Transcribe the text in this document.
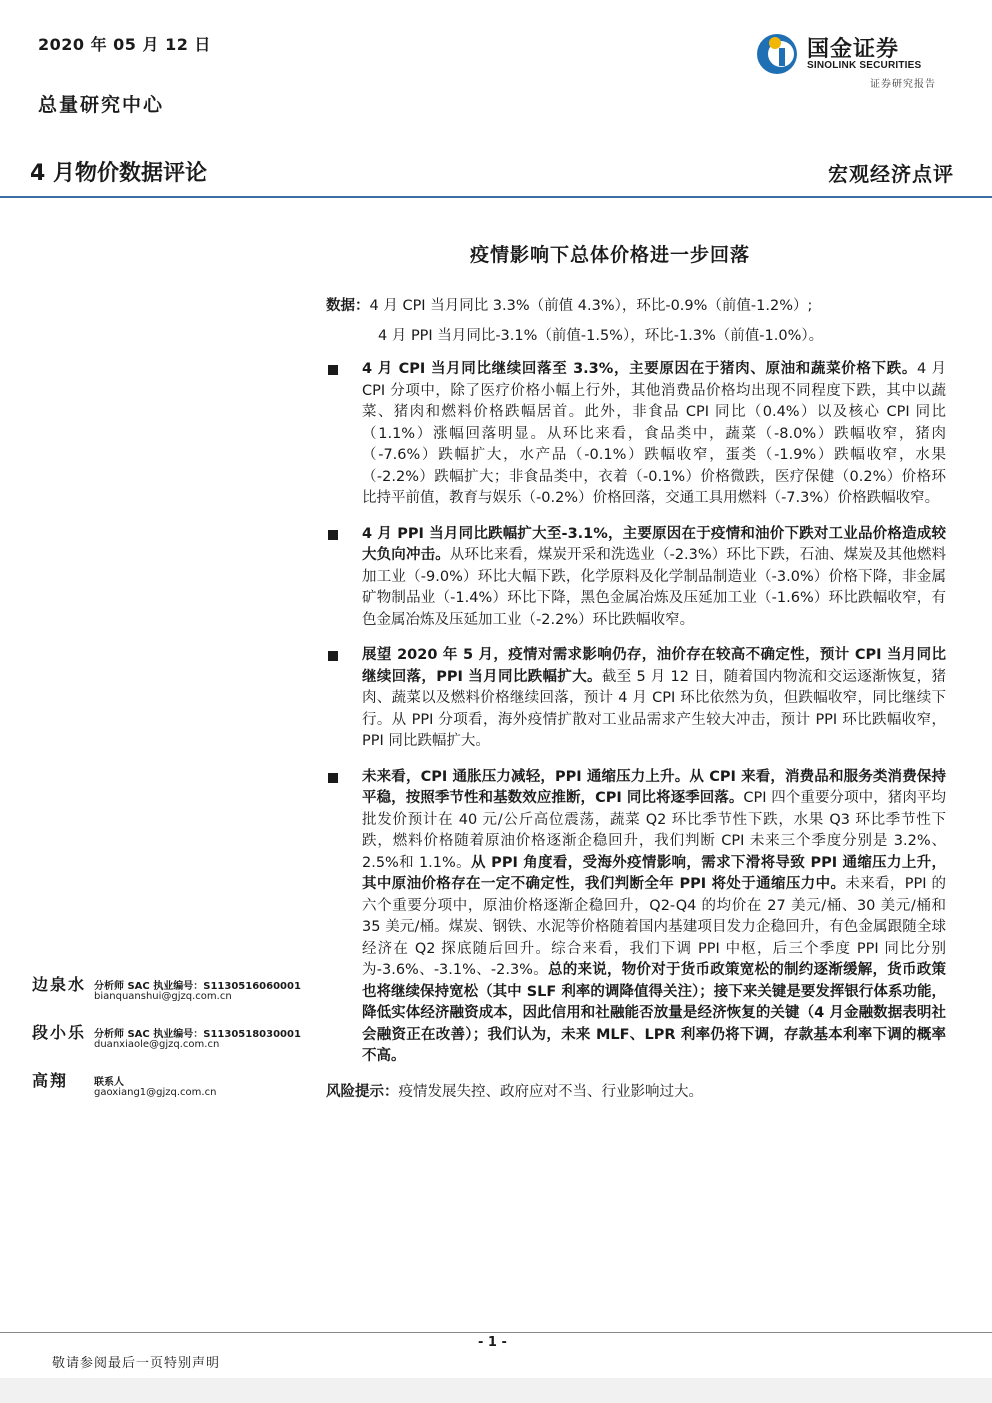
2020 年 05 月 12 日
总量研究中心
国金证券
SINOLINK SECURITIES
证券研究报告
4 月物价数据评论	宏观经济点评
疫情影响下总体价格进一步回落

数据：4 月 CPI 当月同比 3.3%（前值 4.3%），环比-0.9%（前值-1.2%）;

4 月 PPI 当月同比-3.1%（前值-1.5%），环比-1.3%（前值-1.0%）。

4 月 CPI 当月同比继续回落至 3.3%，主要原因在于猪肉、原油和蔬菜价格下跌。4 月 CPI 分项中，除了医疗价格小幅上行外，其他消费品价格均出现不同程度下跌，其中以蔬菜、猪肉和燃料价格跌幅居首。此外，非食品 CPI 同比（0.4%）以及核心 CPI 同比（1.1%）涨幅回落明显。从环比来看，食品类中，蔬菜（-8.0%）跌幅收窄，猪肉（-7.6%）跌幅扩大，水产品（-0.1%）跌幅收窄，蛋类（-1.9%）跌幅收窄，水果（-2.2%）跌幅扩大；非食品类中，衣着（-0.1%）价格微跌，医疗保健（0.2%）价格环比持平前值，教育与娱乐（-0.2%）价格回落，交通工具用燃料（-7.3%）价格跌幅收窄。
4 月 PPI 当月同比跌幅扩大至-3.1%，主要原因在于疫情和油价下跌对工业品价格造成较大负向冲击。从环比来看，煤炭开采和洗选业（-2.3%）环比下跌，石油、煤炭及其他燃料加工业（-9.0%）环比大幅下跌，化学原料及化学制品制造业（-3.0%）价格下降，非金属矿物制品业（-1.4%）环比下降，黑色金属冶炼及压延加工业（-1.6%）环比跌幅收窄，有色金属冶炼及压延加工业（-2.2%）环比跌幅收窄。
展望 2020 年 5 月，疫情对需求影响仍存，油价存在较高不确定性，预计 CPI 当月同比继续回落，PPI 当月同比跌幅扩大。截至 5 月 12 日，随着国内物流和交运逐渐恢复，猪肉、蔬菜以及燃料价格继续回落，预计 4 月 CPI 环比依然为负，但跌幅收窄，同比继续下行。从 PPI 分项看，海外疫情扩散对工业品需求产生较大冲击，预计 PPI 环比跌幅收窄，PPI 同比跌幅扩大。
未来看，CPI 通胀压力减轻，PPI 通缩压力上升。从 CPI 来看，消费品和服务类消费保持平稳，按照季节性和基数效应推断，CPI 同比将逐季回落。CPI 四个重要分项中，猪肉平均批发价预计在 40 元/公斤高位震荡，蔬菜 Q2 环比季节性下跌，水果 Q3 环比季节性下跌，燃料价格随着原油价格逐渐企稳回升，我们判断 CPI 未来三个季度分别是 3.2%、2.5%和 1.1%。从 PPI 角度看，受海外疫情影响，需求下滑将导致 PPI 通缩压力上升，其中原油价格存在一定不确定性，我们判断全年 PPI 将处于通缩压力中。未来看，PPI 的六个重要分项中，原油价格逐渐企稳回升，Q2-Q4 的均价在 27 美元/桶、30 美元/桶和 35 美元/桶。煤炭、钢铁、水泥等价格随着国内基建项目发力企稳回升，有色金属跟随全球经济在 Q2 探底随后回升。综合来看，我们下调 PPI 中枢，后三个季度 PPI 同比分别为-3.6%、-3.1%、-2.3%。总的来说，物价对于货币政策宽松的制约逐渐缓解，货币政策也将继续保持宽松（其中 SLF 利率的调降值得关注）；接下来关键是要发挥银行体系功能，降低实体经济融资成本，因此信用和社融能否放量是经济恢复的关键（4 月金融数据表明社会融资正在改善）；我们认为，未来 MLF、LPR 利率仍将下调，存款基本利率下调的概率不高。

风险提示：疫情发展失控、政府应对不当、行业影响过大。

边泉水 分析师 SAC 执业编号：S1130516060001
bianquanshui@gjzq.com.cn
段小乐 分析师 SAC 执业编号：S1130518030001
duanxiaole@gjzq.com.cn
高翔	联系人
gaoxiang1@gjzq.com.cn
- 1 -
敬请参阅最后一页特别声明
